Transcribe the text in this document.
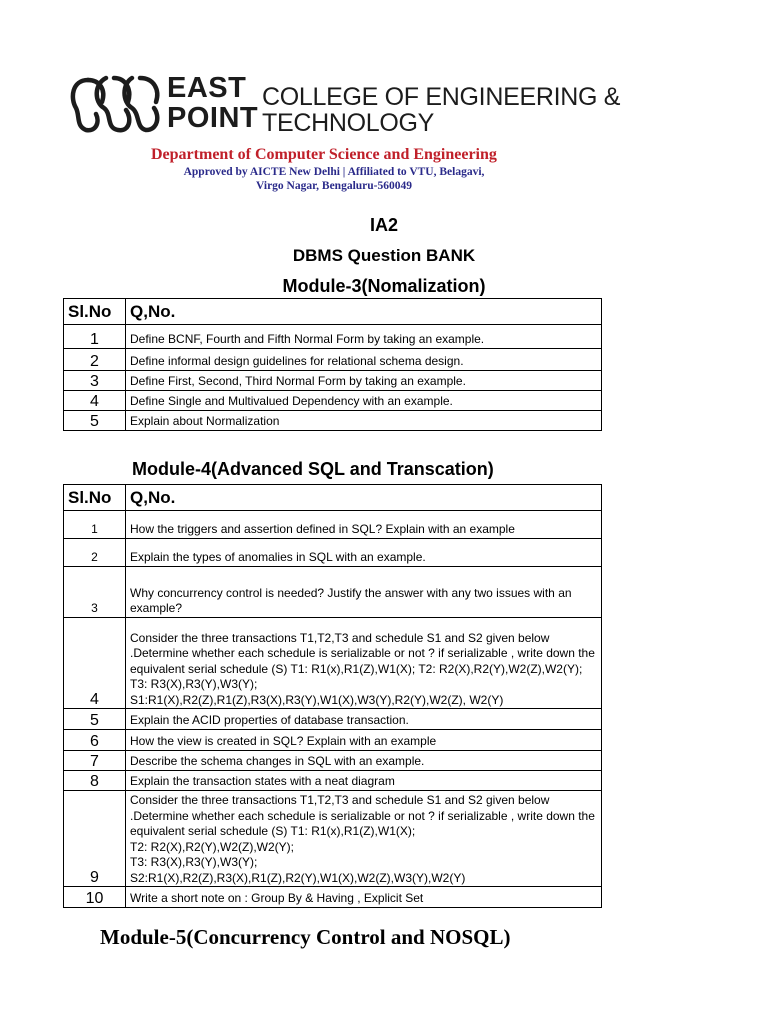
EAST
POINT
COLLEGE OF ENGINEERING &
TECHNOLOGY
Department of Computer Science and Engineering
Approved by AICTE New Delhi | Affiliated to VTU, Belagavi,
Virgo Nagar, Bengaluru-560049
IA2
DBMS Question BANK
Module-3(Nomalization)
Sl.No	Q,No.
1	Define BCNF, Fourth and Fifth Normal Form by taking an example.
2	Define informal design guidelines for relational schema design.
3	Define First, Second, Third Normal Form by taking an example.
4	Define Single and Multivalued Dependency with an example.
5	Explain about Normalization
Module-4(Advanced SQL and Transcation)
Sl.No	Q,No.
1	How the triggers and assertion defined in SQL? Explain with an example
2	Explain the types of anomalies in SQL with an example.
3	Why concurrency control is needed? Justify the answer with any two issues with an example?
4	Consider the three transactions T1,T2,T3 and schedule S1 and S2 given below .Determine whether each schedule is serializable or not ? if serializable , write down the equivalent serial schedule (S) T1: R1(x),R1(Z),W1(X); T2: R2(X),R2(Y),W2(Z),W2(Y); T3: R3(X),R3(Y),W3(Y);
S1:R1(X),R2(Z),R1(Z),R3(X),R3(Y),W1(X),W3(Y),R2(Y),W2(Z), W2(Y)
5	Explain the ACID properties of database transaction.
6	How the view is created in SQL? Explain with an example
7	Describe the schema changes in SQL with an example.
8	Explain the transaction states with a neat diagram
9	Consider the three transactions T1,T2,T3 and schedule S1 and S2 given below .Determine whether each schedule is serializable or not ? if serializable , write down the equivalent serial schedule (S) T1: R1(x),R1(Z),W1(X);
T2: R2(X),R2(Y),W2(Z),W2(Y);
T3: R3(X),R3(Y),W3(Y);
S2:R1(X),R2(Z),R3(X),R1(Z),R2(Y),W1(X),W2(Z),W3(Y),W2(Y)
10	Write a short note on : Group By & Having , Explicit Set
Module-5(Concurrency Control and NOSQL)
